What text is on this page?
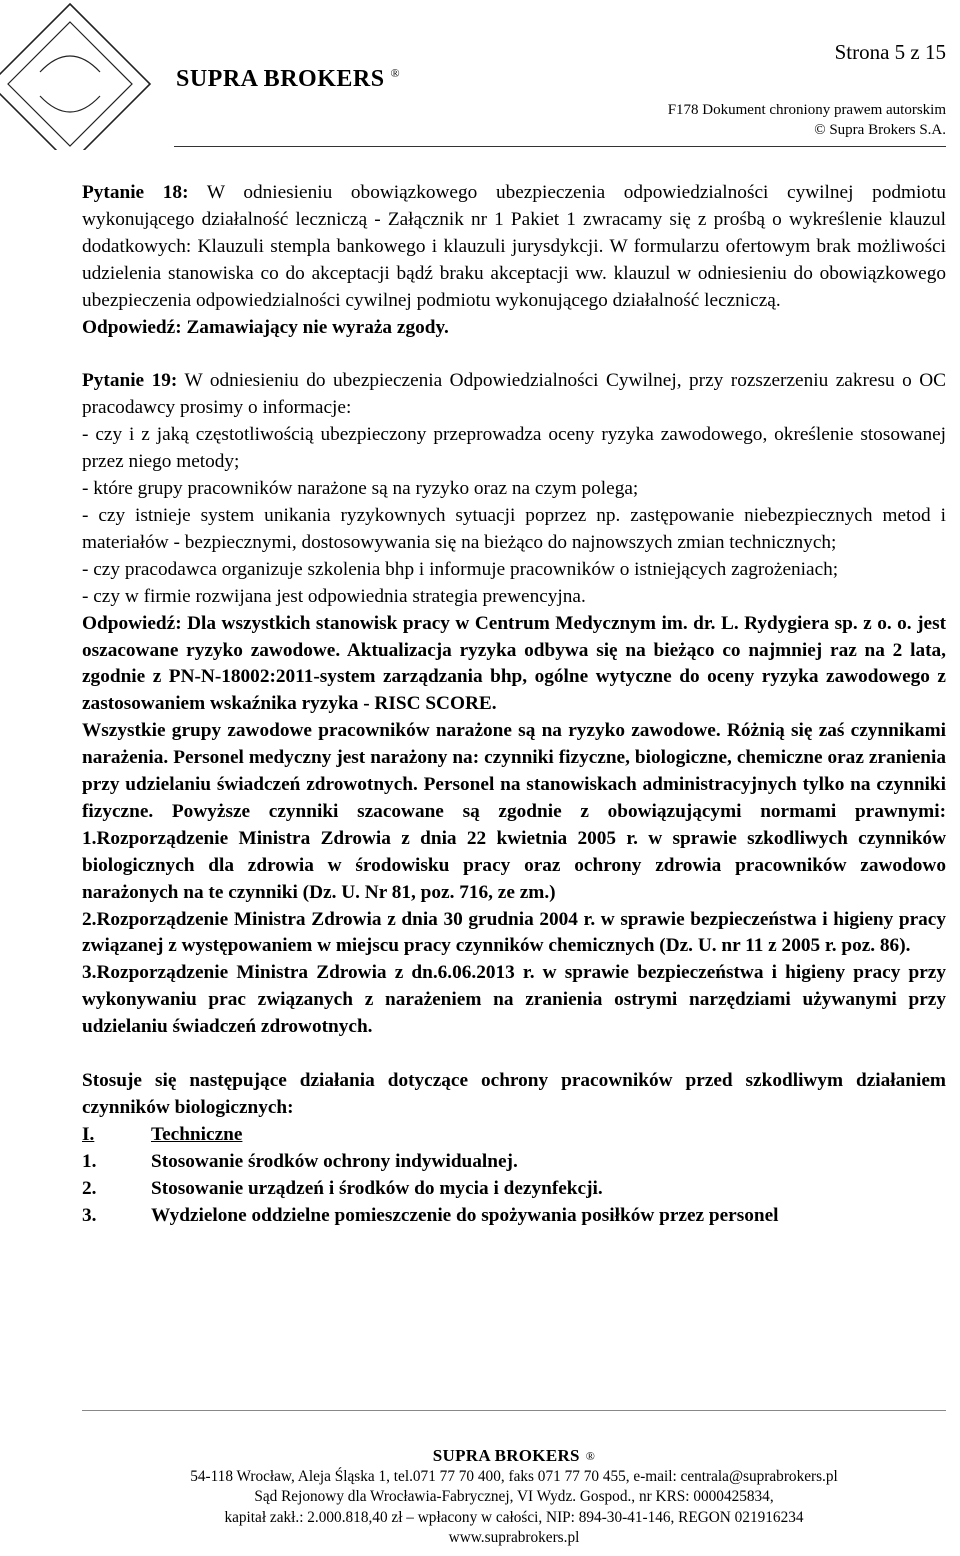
Strona 5 z 15
SUPRA BROKERS ®
F178 Dokument chroniony prawem autorskim
© Supra Brokers S.A.

Pytanie 18: W odniesieniu obowiązkowego ubezpieczenia odpowiedzialności cywilnej podmiotu wykonującego działalność leczniczą - Załącznik nr 1 Pakiet 1 zwracamy się z prośbą o wykreślenie klauzul dodatkowych: Klauzuli stempla bankowego i klauzuli jurysdykcji. W formularzu ofertowym brak możliwości udzielenia stanowiska co do akceptacji bądź braku akceptacji ww. klauzul w odniesieniu do obowiązkowego ubezpieczenia odpowiedzialności cywilnej podmiotu wykonującego działalność leczniczą.

Odpowiedź: Zamawiający nie wyraża zgody.

Pytanie 19: W odniesieniu do ubezpieczenia Odpowiedzialności Cywilnej, przy rozszerzeniu zakresu o OC pracodawcy prosimy o informacje:

- czy i z jaką częstotliwością ubezpieczony przeprowadza oceny ryzyka zawodowego, określenie stosowanej przez niego metody;

- które grupy pracowników narażone są na ryzyko oraz na czym polega;

- czy istnieje system unikania ryzykownych sytuacji poprzez np. zastępowanie niebezpiecznych metod i materiałów - bezpiecznymi, dostosowywania się na bieżąco do najnowszych zmian technicznych;

- czy pracodawca organizuje szkolenia bhp i informuje pracowników o istniejących zagrożeniach;

- czy w firmie rozwijana jest odpowiednia strategia prewencyjna.

Odpowiedź: Dla wszystkich stanowisk pracy w Centrum Medycznym im. dr. L. Rydygiera sp. z o. o. jest oszacowane ryzyko zawodowe. Aktualizacja ryzyka odbywa się na bieżąco co najmniej raz na 2 lata, zgodnie z PN-N-18002:2011-system zarządzania bhp, ogólne wytyczne do oceny ryzyka zawodowego z zastosowaniem wskaźnika ryzyka - RISC SCORE.

Wszystkie grupy zawodowe pracowników narażone są na ryzyko zawodowe. Różnią się zaś czynnikami narażenia. Personel medyczny jest narażony na: czynniki fizyczne, biologiczne, chemiczne oraz zranienia przy udzielaniu świadczeń zdrowotnych. Personel na stanowiskach administracyjnych tylko na czynniki fizyczne. Powyższe czynniki szacowane są zgodnie z obowiązującymi normami prawnymi: 1.Rozporządzenie Ministra Zdrowia z dnia 22 kwietnia 2005 r. w sprawie szkodliwych czynników biologicznych dla zdrowia w środowisku pracy oraz ochrony zdrowia pracowników zawodowo narażonych na te czynniki (Dz. U. Nr 81, poz. 716, ze zm.)

2.Rozporządzenie Ministra Zdrowia z dnia 30 grudnia 2004 r. w sprawie bezpieczeństwa i higieny pracy związanej z występowaniem w miejscu pracy czynników chemicznych (Dz. U. nr 11 z 2005 r. poz. 86).

3.Rozporządzenie Ministra Zdrowia z dn.6.06.2013 r. w sprawie bezpieczeństwa i higieny pracy przy wykonywaniu prac związanych z narażeniem na zranienia ostrymi narzędziami używanymi przy udzielaniu świadczeń zdrowotnych.

Stosuje się następujące działania dotyczące ochrony pracowników przed szkodliwym działaniem czynników biologicznych:

I.	Techniczne
1.	Stosowanie środków ochrony indywidualnej.
2.	Stosowanie urządzeń i środków do mycia i dezynfekcji.
3.	Wydzielone oddzielne pomieszczenie do spożywania posiłków przez personel
SUPRA BROKERS ®
54-118 Wrocław, Aleja Śląska 1, tel.071 77 70 400, faks 071 77 70 455, e-mail: centrala@suprabrokers.pl
Sąd Rejonowy dla Wrocławia-Fabrycznej, VI Wydz. Gospod., nr KRS: 0000425834,
kapitał zakł.: 2.000.818,40 zł – wpłacony w całości, NIP: 894-30-41-146, REGON 021916234
www.suprabrokers.pl
